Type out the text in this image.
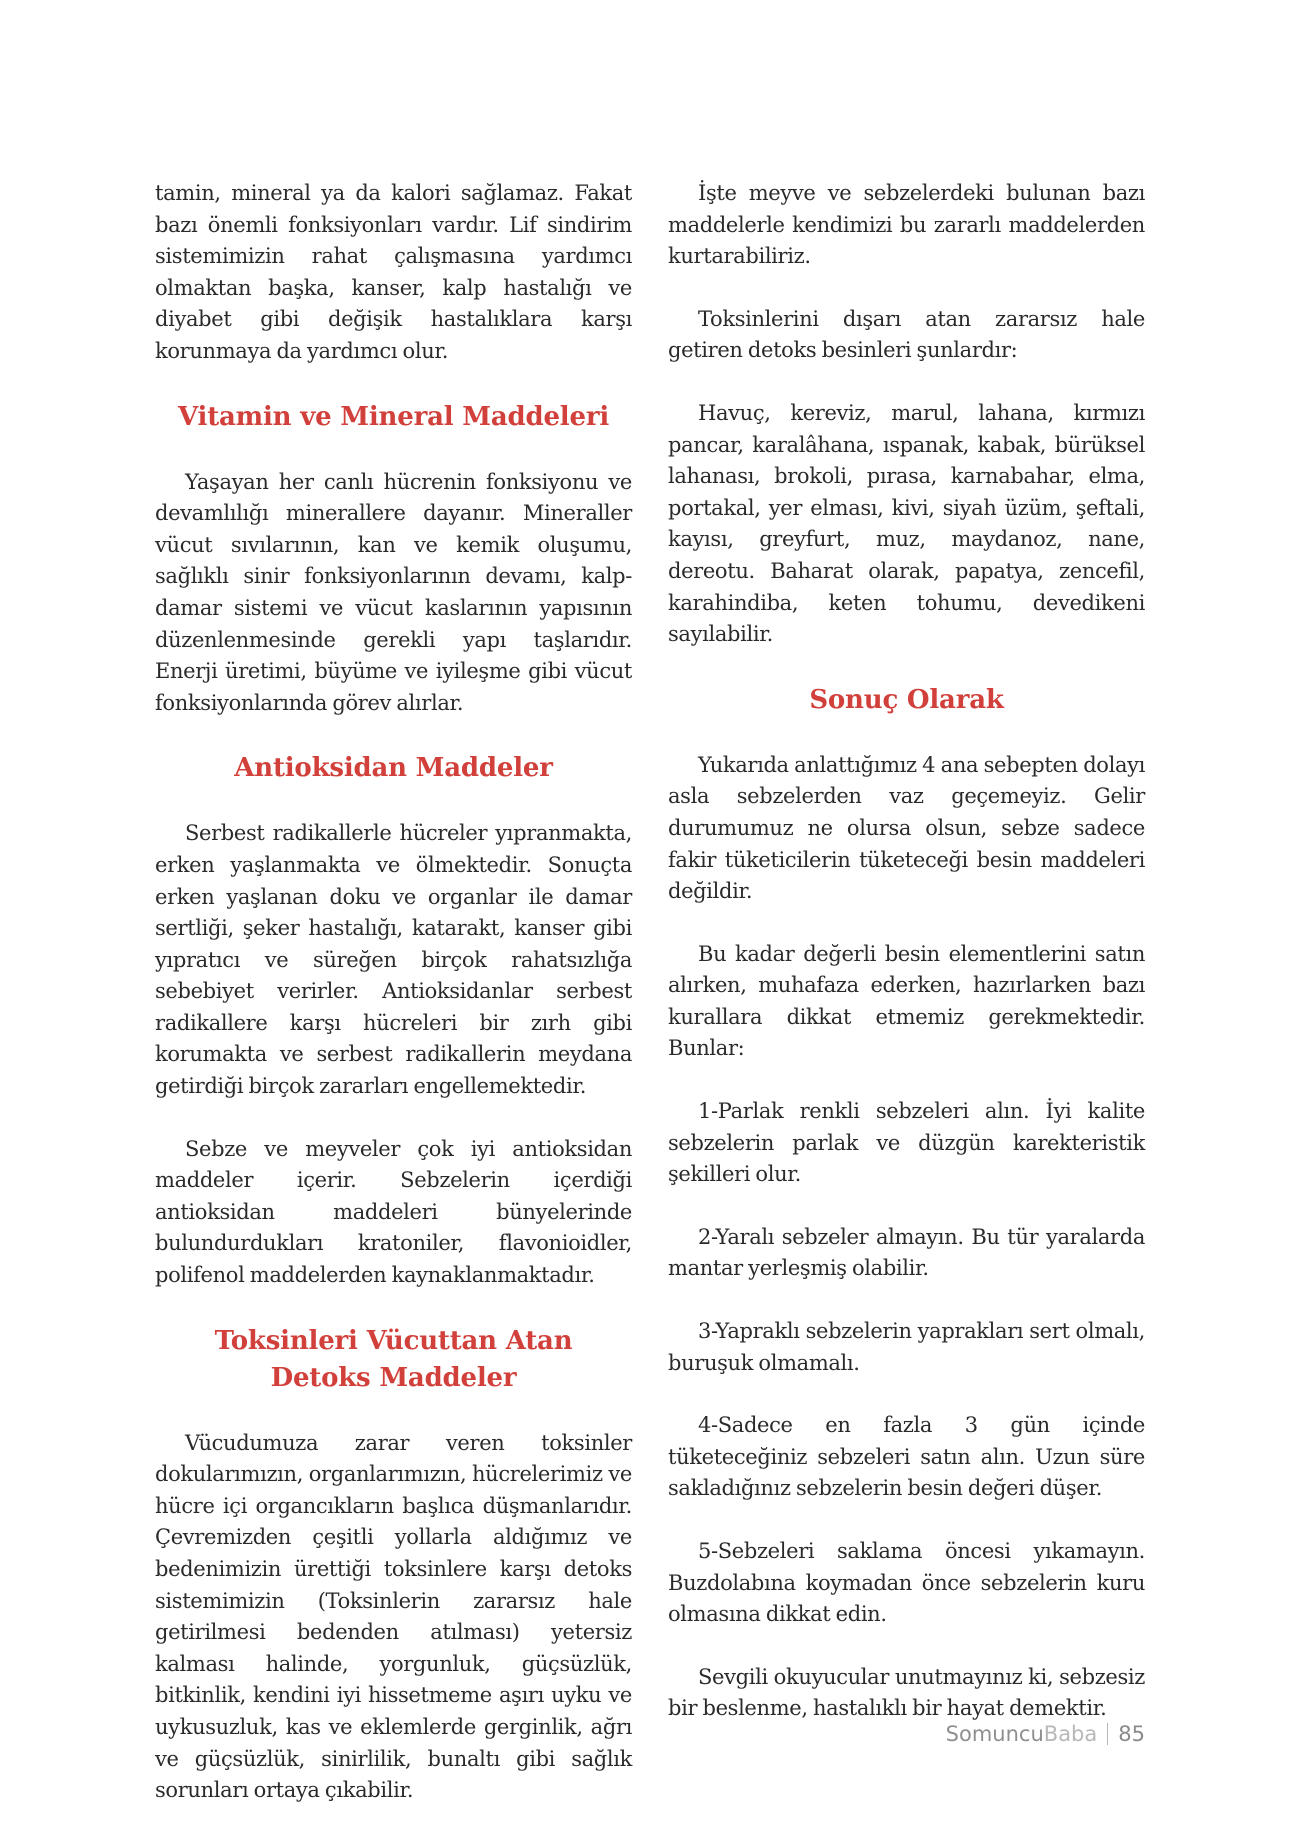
tamin, mineral ya da kalori sağlamaz. Fakat bazı önemli fonksiyonları vardır. Lif sindirim sistemimizin rahat çalışmasına yardımcı olmaktan başka, kanser, kalp hastalığı ve diyabet gibi değişik hastalıklara karşı korunmaya da yardımcı olur.

Vitamin ve Mineral Maddeleri

Yaşayan her canlı hücrenin fonksiyonu ve devamlılığı minerallere dayanır. Mineraller vücut sıvılarının, kan ve kemik oluşumu, sağlıklı sinir fonksiyonlarının devamı, kalp-damar sistemi ve vücut kaslarının yapısının düzenlenmesinde gerekli yapı taşlarıdır. Enerji üretimi, büyüme ve iyileşme gibi vücut fonksiyonlarında görev alırlar.

Antioksidan Maddeler

Serbest radikallerle hücreler yıpranmakta, erken yaşlanmakta ve ölmektedir. Sonuçta erken yaşlanan doku ve organlar ile damar sertliği, şeker hastalığı, katarakt, kanser gibi yıpratıcı ve süreğen birçok rahatsızlığa sebebiyet verirler. Antioksidanlar serbest radikallere karşı hücreleri bir zırh gibi korumakta ve serbest radikallerin meydana getirdiği birçok zararları engellemektedir.

Sebze ve meyveler çok iyi antioksidan maddeler içerir. Sebzelerin içerdiği antioksidan maddeleri bünyelerinde bulundurdukları kratoniler, flavonioidler, polifenol maddelerden kaynaklanmaktadır.

Toksinleri Vücuttan Atan Detoks Maddeler

Vücudumuza zarar veren toksinler dokularımızın, organlarımızın, hücrelerimiz ve hücre içi organcıkların başlıca düşmanlarıdır. Çevremizden çeşitli yollarla aldığımız ve bedenimizin ürettiği toksinlere karşı detoks sistemimizin (Toksinlerin zararsız hale getirilmesi bedenden atılması) yetersiz kalması halinde, yorgunluk, güçsüzlük, bitkinlik, kendini iyi hissetmeme aşırı uyku ve uykusuzluk, kas ve eklemlerde gerginlik, ağrı ve güçsüzlük, sinirlilik, bunaltı gibi sağlık sorunları ortaya çıkabilir.

İşte meyve ve sebzelerdeki bulunan bazı maddelerle kendimizi bu zararlı maddelerden kurtarabiliriz.

Toksinlerini dışarı atan zararsız hale getiren detoks besinleri şunlardır:

Havuç, kereviz, marul, lahana, kırmızı pancar, karalâhana, ıspanak, kabak, bürüksel lahanası, brokoli, pırasa, karnabahar, elma, portakal, yer elması, kivi, siyah üzüm, şeftali, kayısı, greyfurt, muz, maydanoz, nane, dereotu. Baharat olarak, papatya, zencefil, karahindiba, keten tohumu, devedikeni sayılabilir.

Sonuç Olarak

Yukarıda anlattığımız 4 ana sebepten dolayı asla sebzelerden vaz geçemeyiz. Gelir durumumuz ne olursa olsun, sebze sadece fakir tüketicilerin tüketeceği besin maddeleri değildir.

Bu kadar değerli besin elementlerini satın alırken, muhafaza ederken, hazırlarken bazı kurallara dikkat etmemiz gerekmektedir. Bunlar:

1-Parlak renkli sebzeleri alın. İyi kalite sebzelerin parlak ve düzgün karekteristik şekilleri olur.

2-Yaralı sebzeler almayın. Bu tür yaralarda mantar yerleşmiş olabilir.

3-Yapraklı sebzelerin yaprakları sert olmalı, buruşuk olmamalı.

4-Sadece en fazla 3 gün içinde tüketeceğiniz sebzeleri satın alın. Uzun süre sakladığınız sebzelerin besin değeri düşer.

5-Sebzeleri saklama öncesi yıkamayın. Buzdolabına koymadan önce sebzelerin kuru olmasına dikkat edin.

Sevgili okuyucular unutmayınız ki, sebzesiz bir beslenme, hastalıklı bir hayat demektir.

SomuncuBaba 85
